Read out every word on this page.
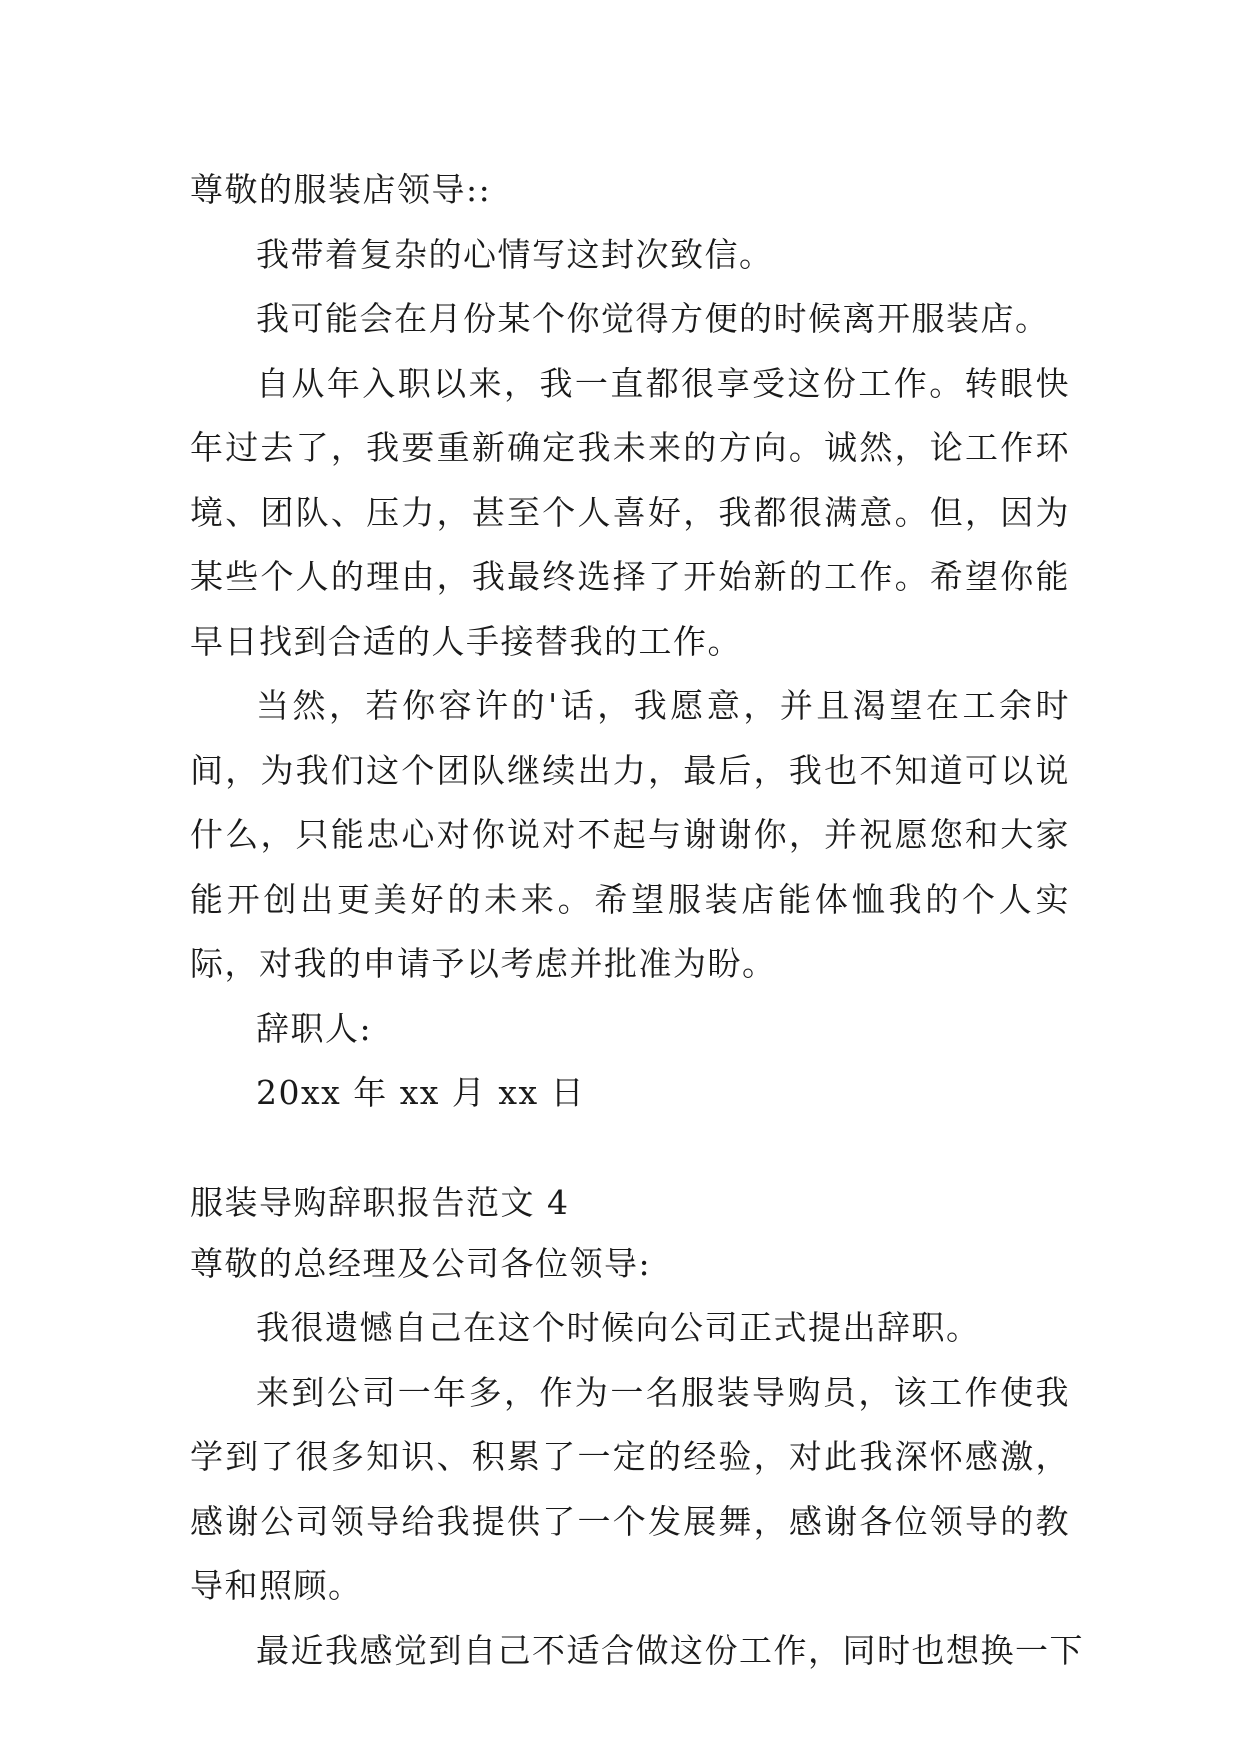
尊敬的服装店领导::
我带着复杂的心情写这封次致信。
我可能会在月份某个你觉得方便的时候离开服装店。

自从年入职以来，我一直都很享受这份工作。转眼快年过去了，我要重新确定我未来的方向。诚然，论工作环境、团队、压力，甚至个人喜好，我都很满意。但，因为某些个人的理由，我最终选择了开始新的工作。希望你能早日找到合适的人手接替我的工作。

当然，若你容许的'话，我愿意，并且渴望在工余时间，为我们这个团队继续出力，最后，我也不知道可以说什么，只能忠心对你说对不起与谢谢你，并祝愿您和大家能开创出更美好的未来。希望服装店能体恤我的个人实际，对我的申请予以考虑并批准为盼。

辞职人:
20xx 年 xx 月 xx 日
服装导购辞职报告范文 4
尊敬的总经理及公司各位领导:
我很遗憾自己在这个时候向公司正式提出辞职。

来到公司一年多，作为一名服装导购员，该工作使我学到了很多知识、积累了一定的经验，对此我深怀感激，感谢公司领导给我提供了一个发展舞，感谢各位领导的教导和照顾。

最近我感觉到自己不适合做这份工作，同时也想换一下
